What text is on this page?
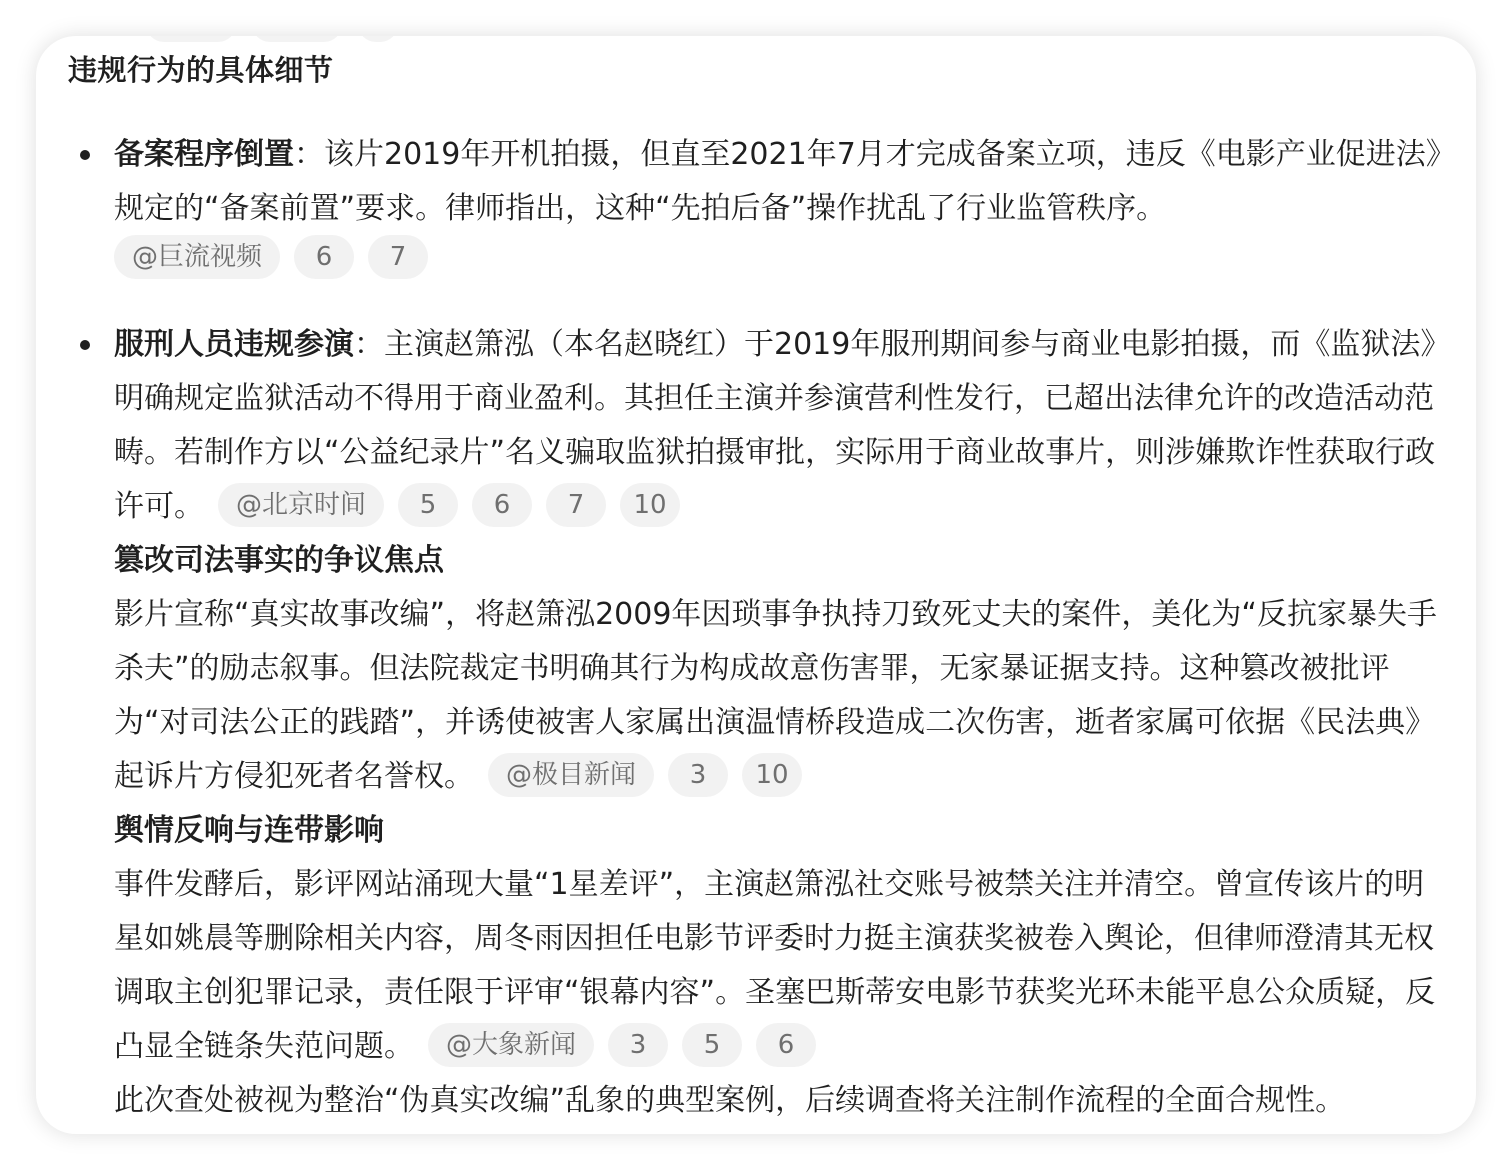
违规行为的具体细节
备案程序倒置：该片2019年开机拍摄，但直至2021年7月才完成备案立项，违反《电影产业促进法》规定的“备案前置”要求。律师指出，这种“先拍后备”操作扰乱了行业监管秩序。
@巨流视频 6 7
服刑人员违规参演：主演赵箫泓（本名赵晓红）于2019年服刑期间参与商业电影拍摄，而《监狱法》明确规定监狱活动不得用于商业盈利。其担任主演并参演营利性发行，已超出法律允许的改造活动范畴。若制作方以“公益纪录片”名义骗取监狱拍摄审批，实际用于商业故事片，则涉嫌欺诈性获取行政许可。 @北京时间 5 6 7 10
篡改司法事实的争议焦点
影片宣称“真实故事改编”，将赵箫泓2009年因琐事争执持刀致死丈夫的案件，美化为“反抗家暴失手杀夫”的励志叙事。但法院裁定书明确其行为构成故意伤害罪，无家暴证据支持。这种篡改被批评为“对司法公正的践踏”，并诱使被害人家属出演温情桥段造成二次伤害，逝者家属可依据《民法典》起诉片方侵犯死者名誉权。 @极目新闻 3 10
舆情反响与连带影响
事件发酵后，影评网站涌现大量“1星差评”，主演赵箫泓社交账号被禁关注并清空。曾宣传该片的明星如姚晨等删除相关内容，周冬雨因担任电影节评委时力挺主演获奖被卷入舆论，但律师澄清其无权调取主创犯罪记录，责任限于评审“银幕内容”。圣塞巴斯蒂安电影节获奖光环未能平息公众质疑，反凸显全链条失范问题。 @大象新闻 3 5 6
此次查处被视为整治“伪真实改编”乱象的典型案例，后续调查将关注制作流程的全面合规性。
